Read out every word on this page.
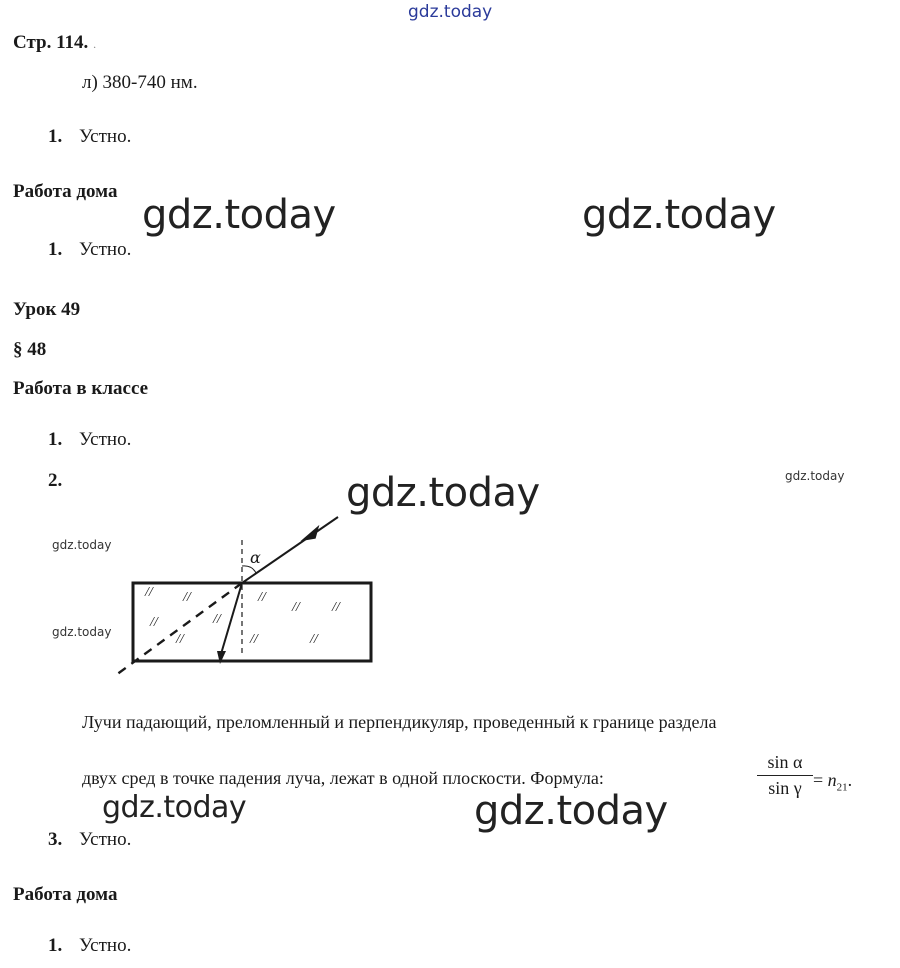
gdz.today
gdz.today	gdz.today
gdz.today
gdz.today	gdz.today
gdz.today
gdz.today
gdz.today
Стр. 114. .
л) 380-740 нм.
1. Устно.
Работа дома
1. Устно.
Урок 49
§ 48
Работа в классе
1. Устно.
2.
α
// //	//
// //
//	//
//	//	//
Лучи падающий, преломленный и перпендикуляр, проведенный к границе раздела
двух сред в точке падения луча, лежат в одной плоскости. Формула:
sin α
$\sin \gamma = n_{21}$.
3. Устно.
Работа дома
1. Устно.
